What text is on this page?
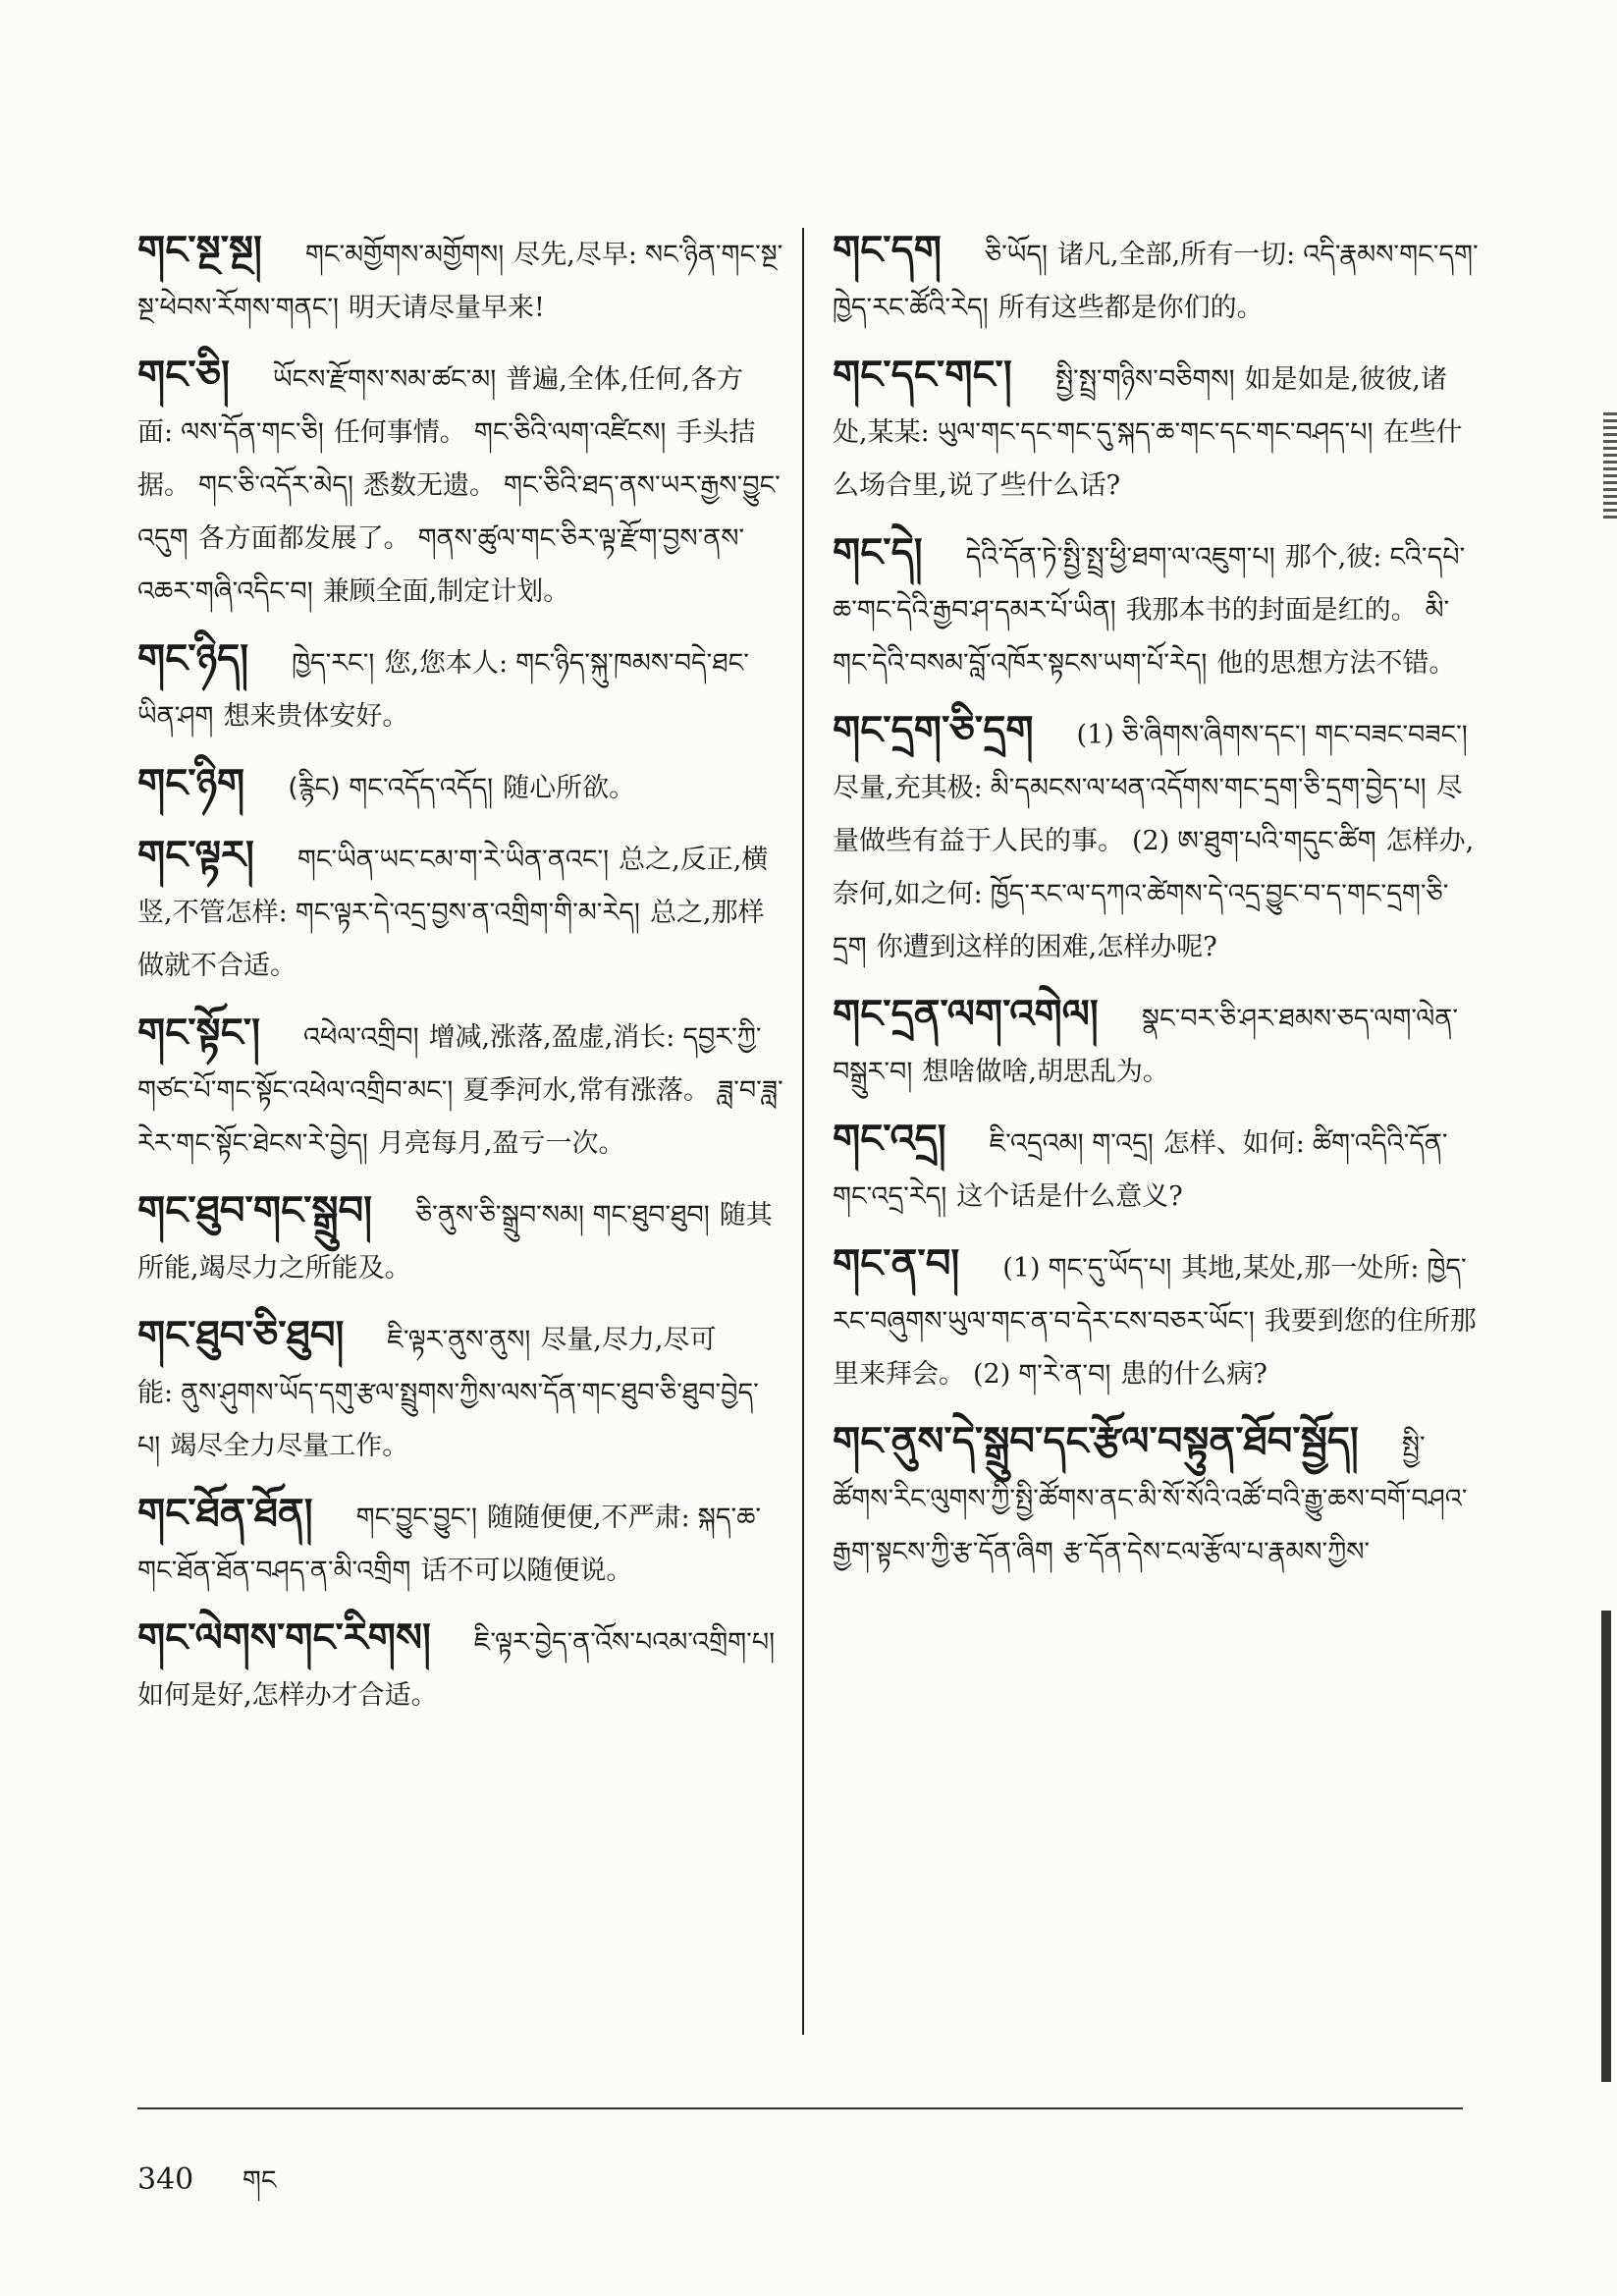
གང་སྔ་སྔ། གང་མགྱོགས་མགྱོགས། 尽先,尽早: སང་ཉིན་གང་སྔ་སྔ་ཕེབས་རོགས་གནང་། 明天请尽量早来!
གང་ཅི། ཡོངས་རྫོགས་སམ་ཚང་མ། 普遍,全体,任何,各方面: ལས་དོན་གང་ཅི། 任何事情。 གང་ཅིའི་ལག་འཛིངས། 手头拮据。 གང་ཅི་འདོར་མེད། 悉数无遗。 གང་ཅིའི་ཐད་ནས་ཡར་རྒྱས་བྱུང་འདུག 各方面都发展了。 གནས་ཚུལ་གང་ཅིར་ལྟ་རྫོག་བྱས་ནས་འཆར་གཞི་འདིང་བ། 兼顾全面,制定计划。
གང་ཉིད། ཁྱེད་རང་། 您,您本人: གང་ཉིད་སྐུ་ཁམས་བདེ་ཐང་ཡིན་ཤག 想来贵体安好。
གང་ཉིག (རྙིང) གང་འདོད་འདོད། 随心所欲。
གང་ལྟར། གང་ཡིན་ཡང་ངམ་ག་རེ་ཡིན་ནའང་། 总之,反正,横竖,不管怎样: གང་ལྟར་དེ་འདྲ་བྱས་ན་འགྲིག་གི་མ་རེད། 总之,那样做就不合适。
གང་སྟོང་། འཕེལ་འགྲིབ། 增减,涨落,盈虚,消长: དབྱར་ཀྱི་གཙང་པོ་གང་སྟོང་འཕེལ་འགྲིབ་མང་། 夏季河水,常有涨落。 ཟླ་བ་ཟླ་རེར་གང་སྟོང་ཐེངས་རེ་བྱེད། 月亮每月,盈亏一次。
གང་ཐུབ་གང་སྒྲུབ། ཅི་ནུས་ཅི་སྒྲུབ་སམ། གང་ཐུབ་ཐུབ། 随其所能,竭尽力之所能及。
གང་ཐུབ་ཅི་ཐུབ། ཇི་ལྟར་ནུས་ནུས། 尽量,尽力,尽可能: ནུས་ཤུགས་ཡོད་དགུ་རྩལ་སྤྲུགས་ཀྱིས་ལས་དོན་གང་ཐུབ་ཅི་ཐུབ་བྱེད་པ། 竭尽全力尽量工作。
གང་ཐོན་ཐོན། གང་བྱུང་བྱུང་། 随随便便,不严肃: སྐད་ཆ་གང་ཐོན་ཐོན་བཤད་ན་མི་འགྲིག 话不可以随便说。
གང་ལེགས་གང་རིགས། ཇི་ལྟར་བྱེད་ན་འོས་པའམ་འགྲིག་པ།如何是好,怎样办才合适。
གང་དག ཅི་ཡོད། 诸凡,全部,所有一切: འདི་རྣམས་གང་དག་ཁྱེད་རང་ཚོའི་རེད། 所有这些都是你们的。
གང་དང་གང་། སྤྱི་སྤྲ་གཉིས་བཅིགས། 如是如是,彼彼,诸处,某某: ཡུལ་གང་དང་གང་དུ་སྐད་ཆ་གང་དང་གང་བཤད་པ། 在些什么场合里,说了些什么话?
གང་དེ། དེའི་དོན་ཏེ་སྤྱི་སྤྲ་ཕྱི་ཐག་ལ་འཇུག་པ། 那个,彼: ངའི་དཔེ་ཆ་གང་དེའི་རྒྱབ་ཤ་དམར་པོ་ཡིན། 我那本书的封面是红的。 མི་གང་དེའི་བསམ་བློ་འཁོར་སྟངས་ཡག་པོ་རེད། 他的思想方法不错。
གང་དྲག་ཅི་དྲག (1) ཅི་ཞིགས་ཞིགས་དང་། གང་བཟང་བཟང་།尽量,充其极: མི་དམངས་ལ་ཕན་འདོགས་གང་དྲག་ཅི་དྲག་བྱེད་པ། 尽量做些有益于人民的事。 (2) ཨ་ཐུག་པའི་གདུང་ཚིག 怎样办,奈何,如之何: ཁྱོད་རང་ལ་དཀའ་ཚེགས་དེ་འདྲ་བྱུང་བ་ད་གང་དྲག་ཅི་དྲག 你遭到这样的困难,怎样办呢?
གང་དྲན་ལག་འགེལ། སྣང་བར་ཅི་ཤར་ཐམས་ཅད་ལག་ལེན་བསྒྲུར་བ། 想啥做啥,胡思乱为。
གང་འདྲ། ཇི་འདྲའམ། ག་འདྲ། 怎样、如何: ཚིག་འདིའི་དོན་གང་འདྲ་རེད། 这个话是什么意义?
གང་ན་བ། (1) གང་དུ་ཡོད་པ། 其地,某处,那一处所: ཁྱེད་རང་བཞུགས་ཡུལ་གང་ན་བ་དེར་ངས་བཅར་ཡོང་། 我要到您的住所那里来拜会。 (2) ག་རེ་ན་བ། 患的什么病?
གང་ནུས་དེ་སྒྲུབ་དང་རྩོལ་བསྟུན་ཐོབ་སྦྱོད། སྤྱི་ཚོགས་རིང་ལུགས་ཀྱི་སྤྱི་ཚོགས་ནང་མི་སོ་སོའི་འཚོ་བའི་རྒྱུ་ཆས་བགོ་བཤའ་རྒྱག་སྟངས་ཀྱི་རྩ་དོན་ཞིག རྩ་དོན་དེས་ངལ་རྩོལ་པ་རྣམས་ཀྱིས་
340 གང
